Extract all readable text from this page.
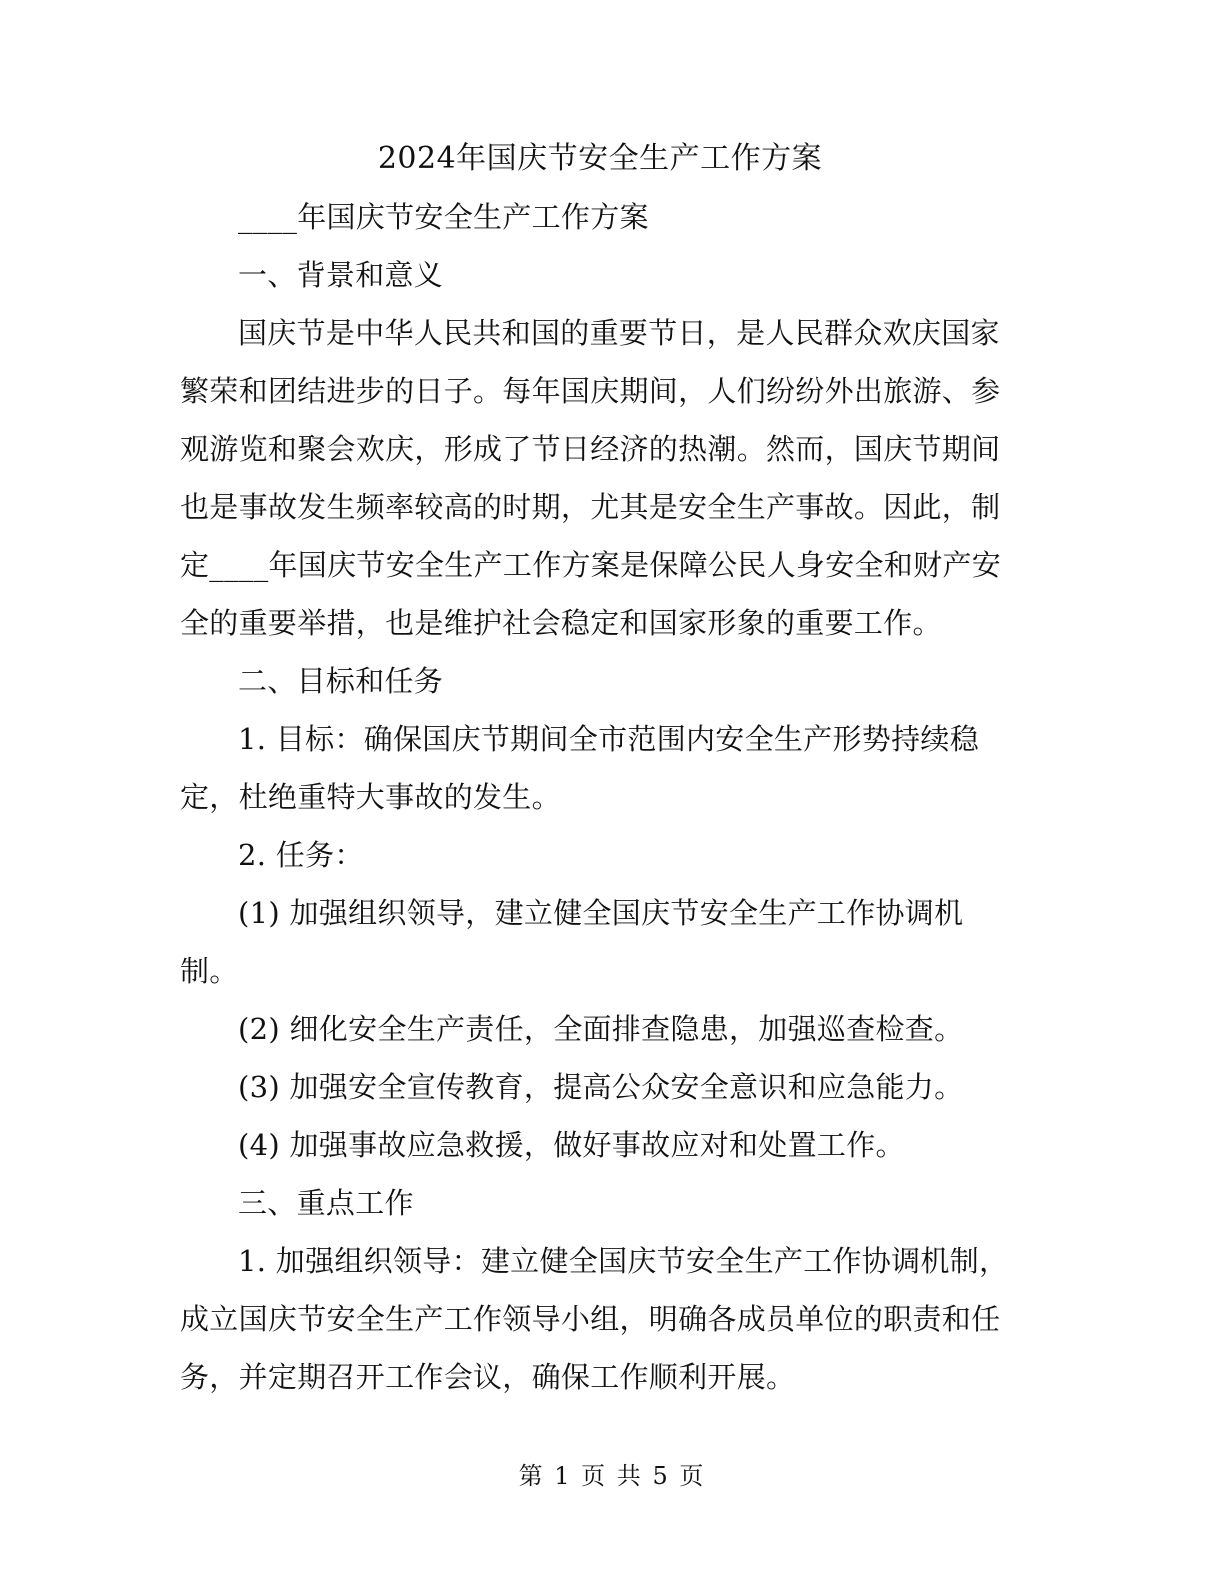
2024年国庆节安全生产工作方案

____年国庆节安全生产工作方案

一、背景和意义

国庆节是中华人民共和国的重要节日，是人民群众欢庆国家

繁荣和团结进步的日子。每年国庆期间，人们纷纷外出旅游、参

观游览和聚会欢庆，形成了节日经济的热潮。然而，国庆节期间

也是事故发生频率较高的时期，尤其是安全生产事故。因此，制

定____年国庆节安全生产工作方案是保障公民人身安全和财产安

全的重要举措，也是维护社会稳定和国家形象的重要工作。

二、目标和任务

1. 目标：确保国庆节期间全市范围内安全生产形势持续稳

定，杜绝重特大事故的发生。

2. 任务：

(1) 加强组织领导，建立健全国庆节安全生产工作协调机

制。

(2) 细化安全生产责任，全面排查隐患，加强巡查检查。

(3) 加强安全宣传教育，提高公众安全意识和应急能力。

(4) 加强事故应急救援，做好事故应对和处置工作。

三、重点工作

1. 加强组织领导：建立健全国庆节安全生产工作协调机制，

成立国庆节安全生产工作领导小组，明确各成员单位的职责和任

务，并定期召开工作会议，确保工作顺利开展。

第 1 页 共 5 页
